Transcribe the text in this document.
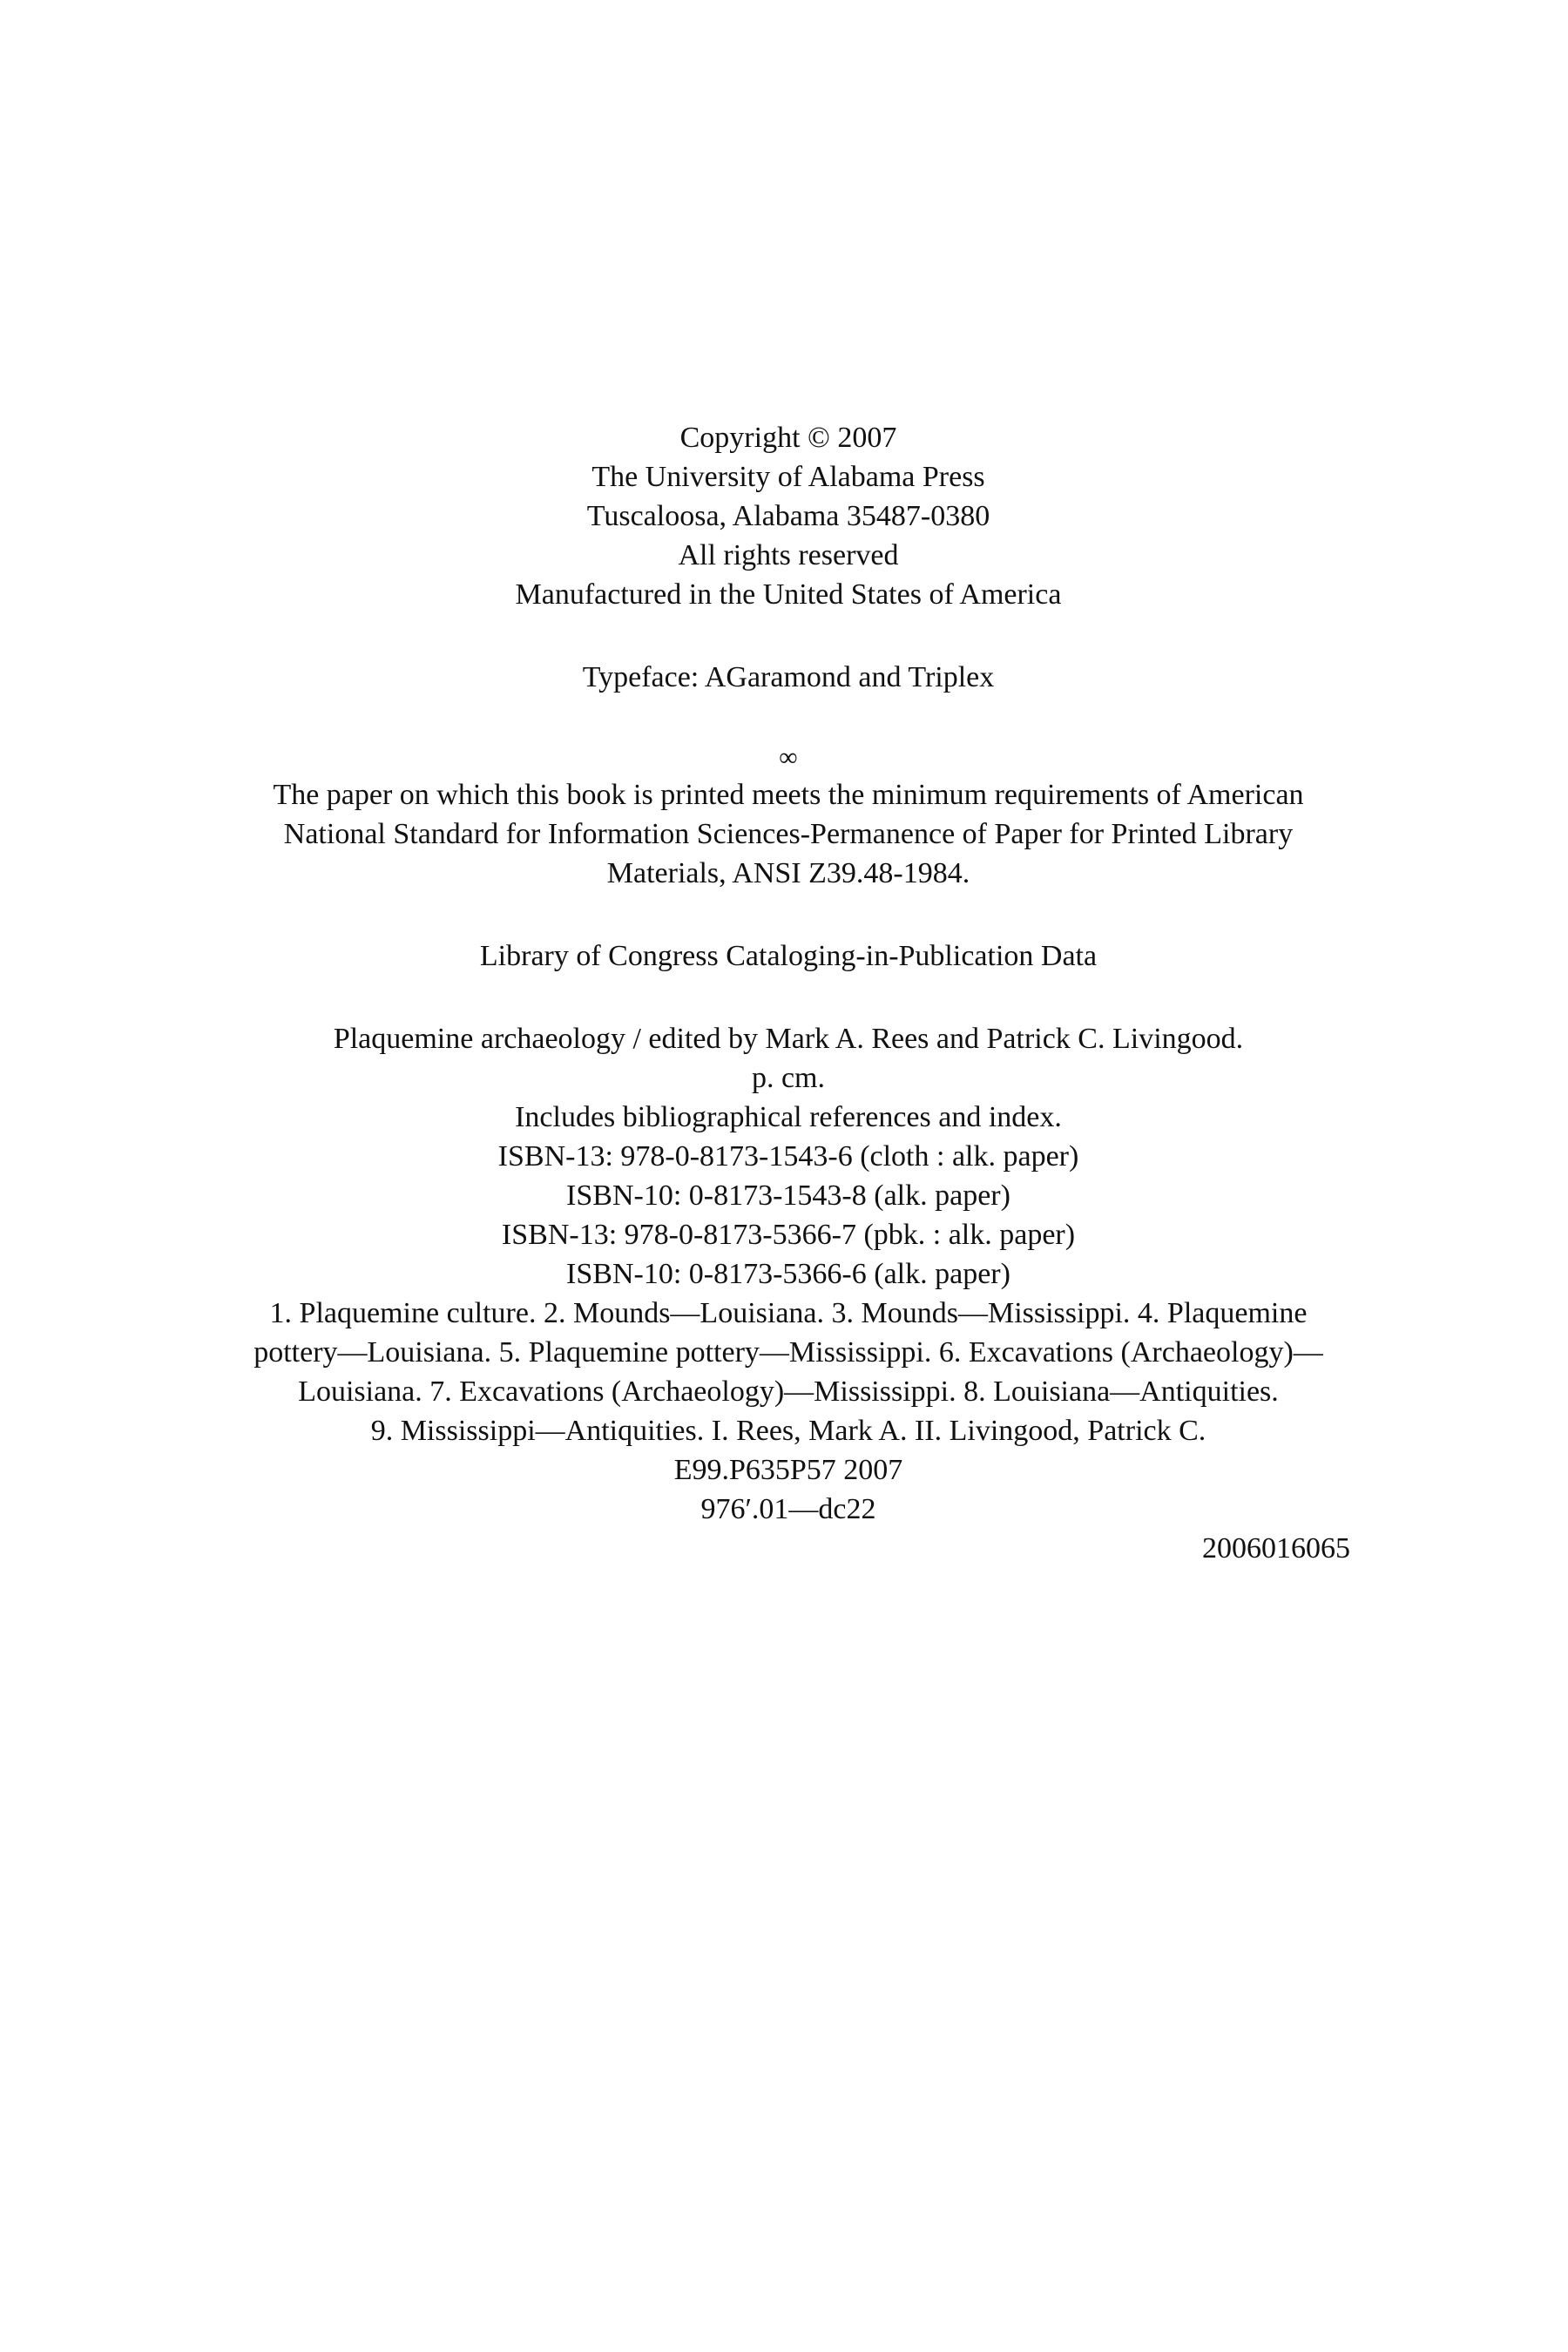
Copyright © 2007
The University of Alabama Press
Tuscaloosa, Alabama 35487-0380
All rights reserved
Manufactured in the United States of America
Typeface: AGaramond and Triplex
∞
The paper on which this book is printed meets the minimum requirements of American
National Standard for Information Sciences-Permanence of Paper for Printed Library
Materials, ANSI Z39.48-1984.
Library of Congress Cataloging-in-Publication Data
Plaquemine archaeology / edited by Mark A. Rees and Patrick C. Livingood.
p. cm.
Includes bibliographical references and index.
ISBN-13: 978-0-8173-1543-6 (cloth : alk. paper)
ISBN-10: 0-8173-1543-8 (alk. paper)
ISBN-13: 978-0-8173-5366-7 (pbk. : alk. paper)
ISBN-10: 0-8173-5366-6 (alk. paper)
1. Plaquemine culture. 2. Mounds—Louisiana. 3. Mounds—Mississippi. 4. Plaquemine
pottery—Louisiana. 5. Plaquemine pottery—Mississippi. 6. Excavations (Archaeology)—
Louisiana. 7. Excavations (Archaeology)—Mississippi. 8. Louisiana—Antiquities.
9. Mississippi—Antiquities. I. Rees, Mark A. II. Livingood, Patrick C.
E99.P635P57 2007
976′.01—dc22
2006016065
